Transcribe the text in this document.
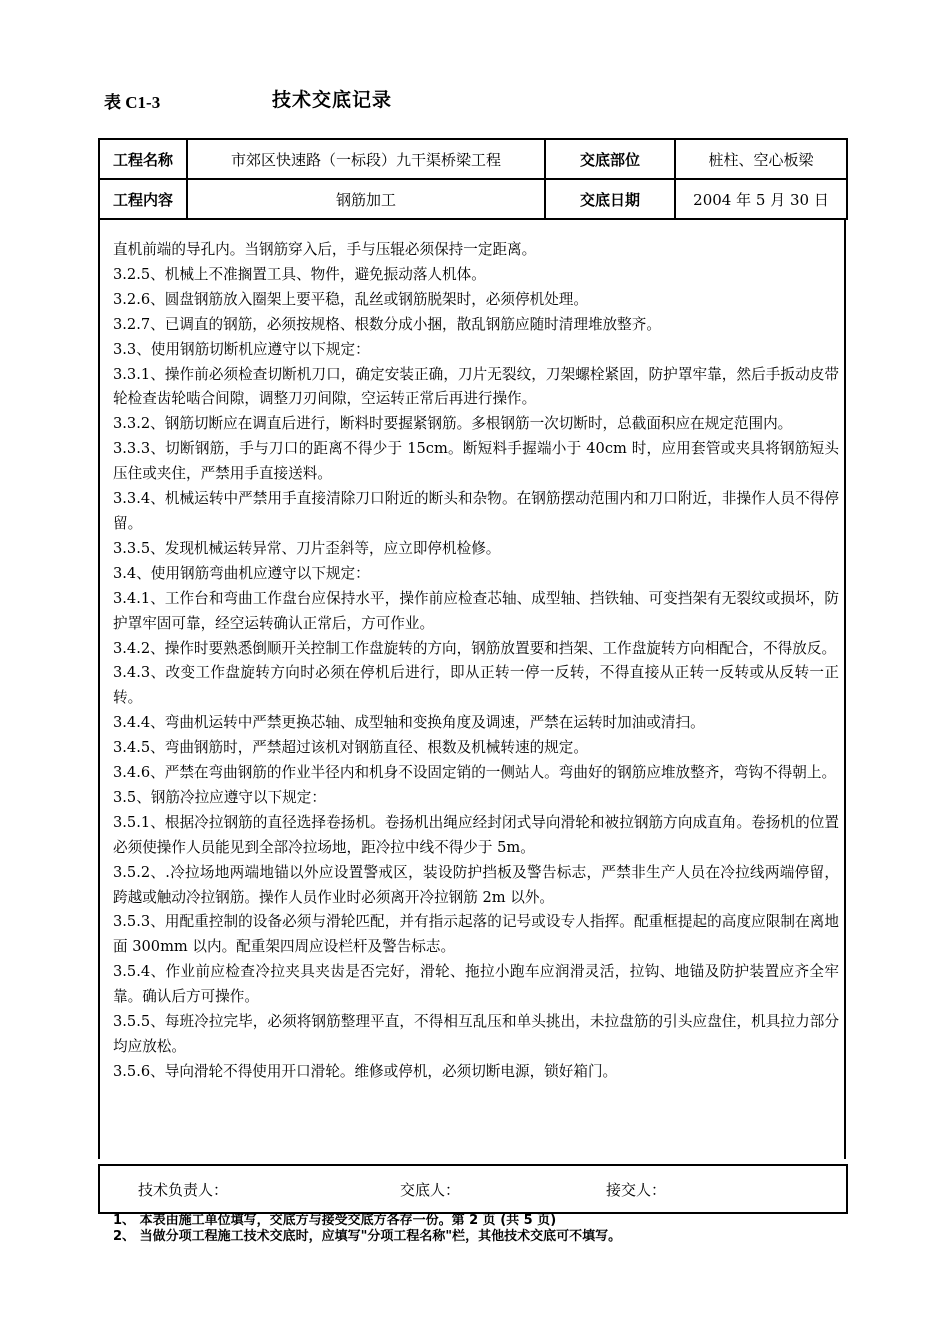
表 C1-3	技术交底记录
工程名称	市郊区快速路（一标段）九干渠桥梁工程	交底部位	桩柱、空心板梁
工程内容	钢筋加工	交底日期	2004 年 5 月 30 日

直机前端的导孔内。当钢筋穿入后，手与压辊必须保持一定距离。

3.2.5、机械上不准搁置工具、物件，避免振动落人机体。

3.2.6、圆盘钢筋放入圈架上要平稳，乱丝或钢筋脱架时，必须停机处理。

3.2.7、已调直的钢筋，必须按规格、根数分成小捆，散乱钢筋应随时清理堆放整齐。

3.3、使用钢筋切断机应遵守以下规定：

3.3.1、操作前必须检查切断机刀口，确定安装正确，刀片无裂纹，刀架螺栓紧固，防护罩牢靠，然后手扳动皮带轮检查齿轮啮合间隙，调整刀刃间隙，空运转正常后再进行操作。

3.3.2、钢筋切断应在调直后进行，断料时要握紧钢筋。多根钢筋一次切断时，总截面积应在规定范围内。

3.3.3、切断钢筋，手与刀口的距离不得少于 15cm。断短料手握端小于 40cm 时，应用套管或夹具将钢筋短头压住或夹住，严禁用手直接送料。

3.3.4、机械运转中严禁用手直接清除刀口附近的断头和杂物。在钢筋摆动范围内和刀口附近，非操作人员不得停留。

3.3.5、发现机械运转异常、刀片歪斜等，应立即停机检修。

3.4、使用钢筋弯曲机应遵守以下规定：

3.4.1、工作台和弯曲工作盘台应保持水平，操作前应检查芯轴、成型轴、挡铁轴、可变挡架有无裂纹或损坏，防护罩牢固可靠，经空运转确认正常后，方可作业。

3.4.2、操作时要熟悉倒顺开关控制工作盘旋转的方向，钢筋放置要和挡架、工作盘旋转方向相配合，不得放反。

3.4.3、改变工作盘旋转方向时必须在停机后进行，即从正转一停一反转，不得直接从正转一反转或从反转一正转。

3.4.4、弯曲机运转中严禁更换芯轴、成型轴和变换角度及调速，严禁在运转时加油或清扫。

3.4.5、弯曲钢筋时，严禁超过该机对钢筋直径、根数及机械转速的规定。

3.4.6、严禁在弯曲钢筋的作业半径内和机身不设固定销的一侧站人。弯曲好的钢筋应堆放整齐，弯钩不得朝上。

3.5、钢筋冷拉应遵守以下规定：

3.5.1、根据冷拉钢筋的直径选择卷扬机。卷扬机出绳应经封闭式导向滑轮和被拉钢筋方向成直角。卷扬机的位置必须使操作人员能见到全部冷拉场地，距冷拉中线不得少于 5m。

3.5.2、.冷拉场地两端地锚以外应设置警戒区，装设防护挡板及警告标志，严禁非生产人员在冷拉线两端停留，跨越或触动冷拉钢筋。操作人员作业时必须离开冷拉钢筋 2m 以外。

3.5.3、用配重控制的设备必须与滑轮匹配，并有指示起落的记号或设专人指挥。配重框提起的高度应限制在离地面 300mm 以内。配重架四周应设栏杆及警告标志。

3.5.4、作业前应检查冷拉夹具夹齿是否完好，滑轮、拖拉小跑车应润滑灵活，拉钩、地锚及防护装置应齐全牢靠。确认后方可操作。

3.5.5、每班冷拉完毕，必须将钢筋整理平直，不得相互乱压和单头挑出，未拉盘筋的引头应盘住，机具拉力部分均应放松。

3.5.6、导向滑轮不得使用开口滑轮。维修或停机，必须切断电源，锁好箱门。

技术负责人：	交底人：	接交人：
1、 本表由施工单位填写，交底方与接受交底方各存一份。第 2 页 (共 5 页)
2、 当做分项工程施工技术交底时，应填写"分项工程名称"栏，其他技术交底可不填写。
